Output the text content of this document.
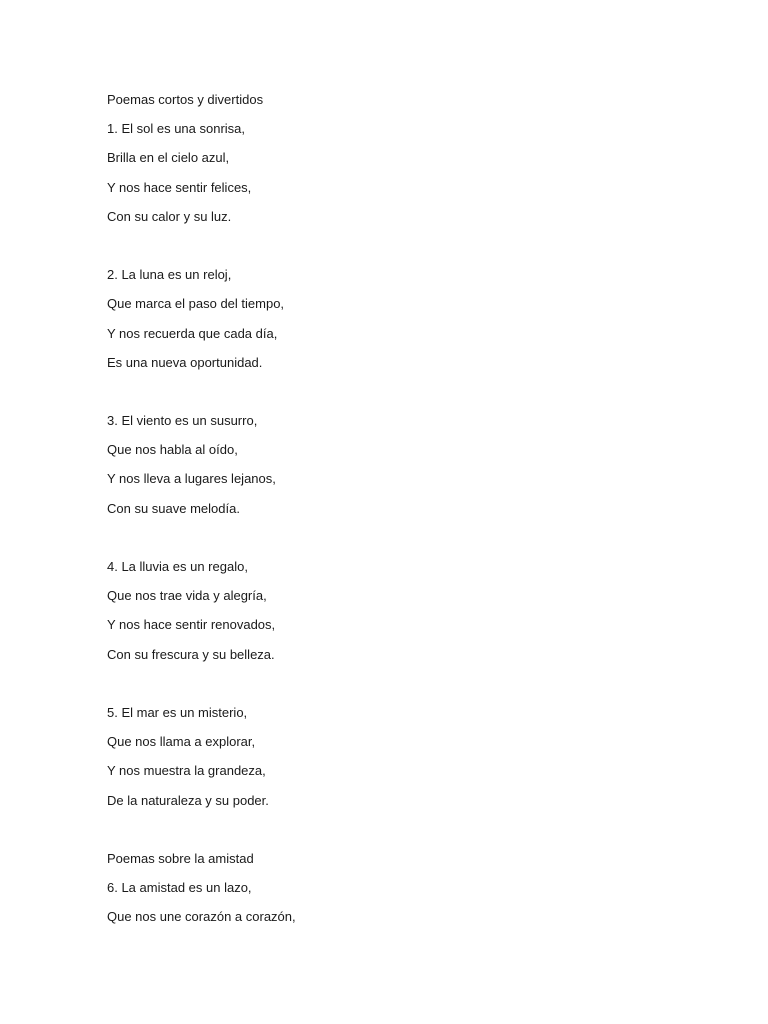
Poemas cortos y divertidos
1. El sol es una sonrisa,
Brilla en el cielo azul,
Y nos hace sentir felices,
Con su calor y su luz.
2. La luna es un reloj,
Que marca el paso del tiempo,
Y nos recuerda que cada día,
Es una nueva oportunidad.
3. El viento es un susurro,
Que nos habla al oído,
Y nos lleva a lugares lejanos,
Con su suave melodía.
4. La lluvia es un regalo,
Que nos trae vida y alegría,
Y nos hace sentir renovados,
Con su frescura y su belleza.
5. El mar es un misterio,
Que nos llama a explorar,
Y nos muestra la grandeza,
De la naturaleza y su poder.
Poemas sobre la amistad
6. La amistad es un lazo,
Que nos une corazón a corazón,
